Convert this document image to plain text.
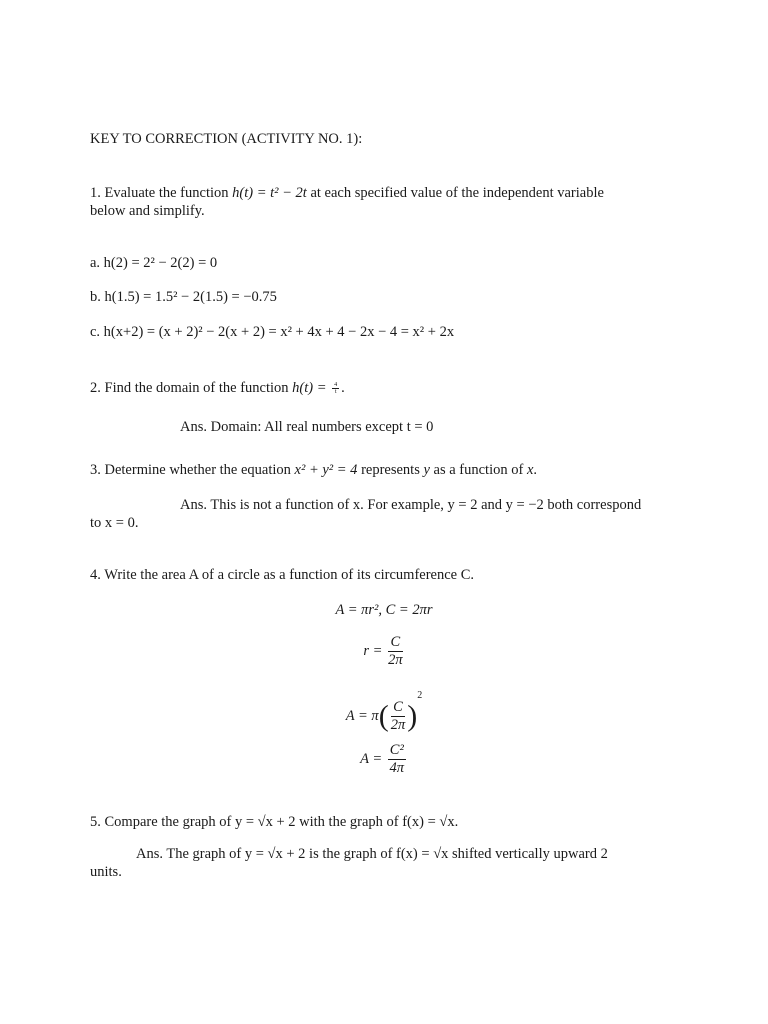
KEY TO CORRECTION (ACTIVITY NO. 1):
1. Evaluate the function h(t) = t² − 2t at each specified value of the independent variable
below and simplify.
a. h(2) = 2² − 2(2) = 0
b. h(1.5) = 1.5² − 2(1.5) = −0.75
c. h(x+2) = (x + 2)² − 2(x + 2) = x² + 4x + 4 − 2x − 4 = x² + 2x
2. Find the domain of the function $h(t) = \frac{4}{t}$ .
Ans. Domain: All real numbers except t = 0
3. Determine whether the equation x² + y² = 4 represents y as a function of x.
Ans. This is not a function of x. For example, y = 2 and y = −2 both correspond
to x = 0.
4. Write the area A of a circle as a function of its circumference C.
A = πr², C = 2πr
$r = \frac{C}{2\pi}$
$A = \pi( \frac{C}{2\pi} )^2$
$A = \frac{\text{C²}}{4\pi}$
5. Compare the graph of y = √x + 2 with the graph of f(x) = √x.
Ans. The graph of y = √x + 2 is the graph of f(x) = √x shifted vertically upward 2
units.
